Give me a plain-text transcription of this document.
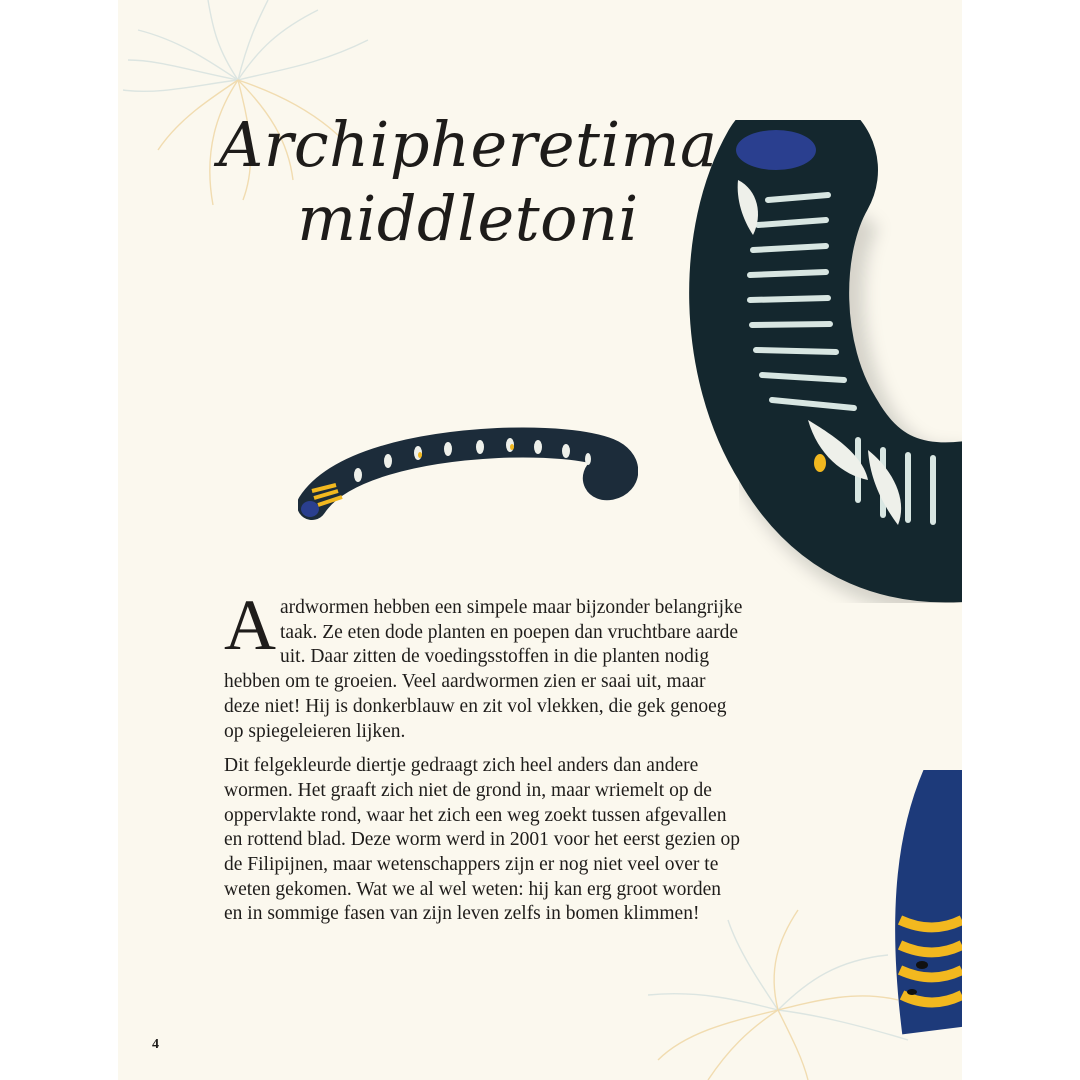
Archipheretima
middletoni

Aardwormen hebben een simpele maar bijzonder belangrijke taak. Ze eten dode planten en poepen dan vruchtbare aarde uit. Daar zitten de voedingsstoffen in die planten nodig hebben om te groeien. Veel aardwormen zien er saai uit, maar deze niet! Hij is donkerblauw en zit vol vlekken, die gek genoeg op spiegeleieren lijken.

Dit felgekleurde diertje gedraagt zich heel anders dan andere wormen. Het graaft zich niet de grond in, maar wriemelt op de oppervlakte rond, waar het zich een weg zoekt tussen afgevallen en rottend blad. Deze worm werd in 2001 voor het eerst gezien op de Filipijnen, maar wetenschappers zijn er nog niet veel over te weten gekomen. Wat we al wel weten: hij kan erg groot worden en in sommige fasen van zijn leven zelfs in bomen klimmen!

4
